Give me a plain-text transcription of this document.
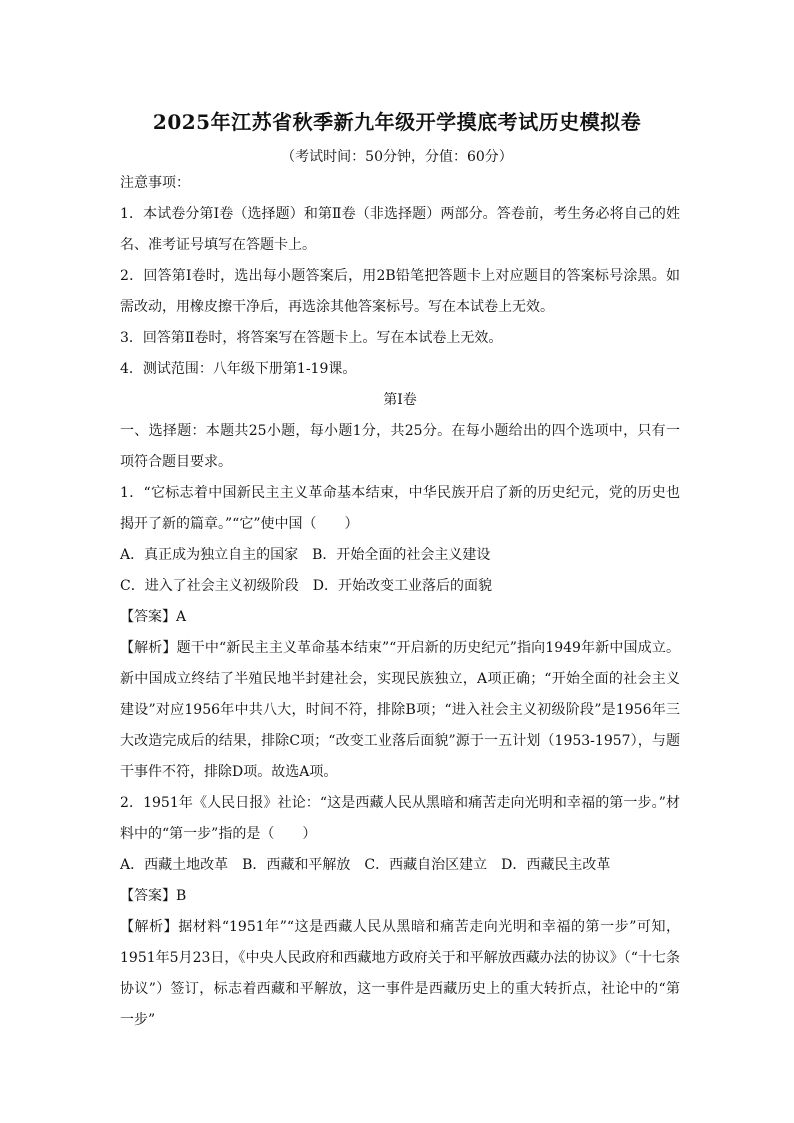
2025年江苏省秋季新九年级开学摸底考试历史模拟卷
（考试时间：50分钟，分值：60分）

注意事项：

1．本试卷分第Ⅰ卷（选择题）和第Ⅱ卷（非选择题）两部分。答卷前，考生务必将自己的姓名、准考证号填写在答题卡上。

2．回答第Ⅰ卷时，选出每小题答案后，用2B铅笔把答题卡上对应题目的答案标号涂黑。如需改动，用橡皮擦干净后，再选涂其他答案标号。写在本试卷上无效。

3．回答第Ⅱ卷时，将答案写在答题卡上。写在本试卷上无效。

4．测试范围：八年级下册第1-19课。

第Ⅰ卷

一、选择题：本题共25小题，每小题1分，共25分。在每小题给出的四个选项中，只有一项符合题目要求。

1．“它标志着中国新民主主义革命基本结束，中华民族开启了新的历史纪元，党的历史也揭开了新的篇章。”“它”使中国（　　）

A．真正成为独立自主的国家 B．开始全面的社会主义建设

C．进入了社会主义初级阶段 D．开始改变工业落后的面貌

【答案】A

【解析】题干中“新民主主义革命基本结束”“开启新的历史纪元”指向1949年新中国成立。新中国成立终结了半殖民地半封建社会，实现民族独立，A项正确；“开始全面的社会主义建设”对应1956年中共八大，时间不符，排除B项；“进入社会主义初级阶段”是1956年三大改造完成后的结果，排除C项；“改变工业落后面貌”源于一五计划（1953-1957），与题干事件不符，排除D项。故选A项。

2．1951年《人民日报》社论：“这是西藏人民从黑暗和痛苦走向光明和幸福的第一步。”材料中的“第一步”指的是（　　）

A．西藏土地改革 B．西藏和平解放 C．西藏自治区建立 D．西藏民主改革

【答案】B

【解析】据材料“1951年”“这是西藏人民从黑暗和痛苦走向光明和幸福的第一步”可知，1951年5月23日，《中央人民政府和西藏地方政府关于和平解放西藏办法的协议》（“十七条协议”）签订，标志着西藏和平解放，这一事件是西藏历史上的重大转折点，社论中的“第一步”
